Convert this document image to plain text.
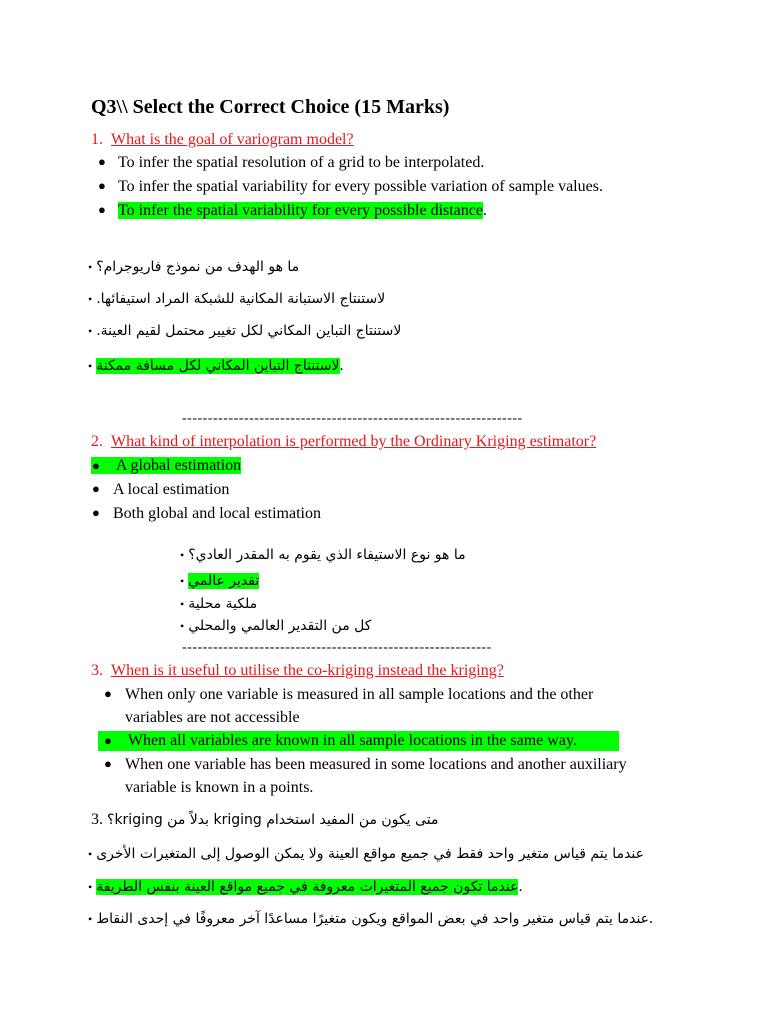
Q3\\ Select the Correct Choice (15 Marks)
1. What is the goal of variogram model?
● To infer the spatial resolution of a grid to be interpolated.
● To infer the spatial variability for every possible variation of sample values.
● To infer the spatial variability for every possible distance.
• ما هو الهدف من نموذج فاريوجرام؟
• لاستنتاج الاستبانة المكانية للشبكة المراد استيفائها.
• لاستنتاج التباين المكاني لكل تغيير محتمل لقيم العينة.
• لاستنتاج التباين المكاني لكل مسافة ممكنة.
------------------------------------------------------------------
2. What kind of interpolation is performed by the Ordinary Kriging estimator?
● A global estimation
● A local estimation
● Both global and local estimation
• ما هو نوع الاستيفاء الذي يقوم به المقدر العادي؟
• تقدير عالمي
• ملكية محلية
• كل من التقدير العالمي والمحلي
------------------------------------------------------------
3. When is it useful to utilise the co-kriging instead the kriging?
● When only one variable is measured in all sample locations and the other
variables are not accessible
● When all variables are known in all sample locations in the same way.
● When one variable has been measured in some locations and another auxiliary
variable is known in a points.
3. متى يكون من المفيد استخدام kriging بدلاً من kriging؟
• عندما يتم قياس متغير واحد فقط في جميع مواقع العينة ولا يمكن الوصول إلى المتغيرات الأخرى
• عندما تكون جميع المتغيرات معروفة في جميع مواقع العينة بنفس الطريقة.
• عندما يتم قياس متغير واحد في بعض المواقع ويكون متغيرًا مساعدًا آخر معروفًا في إحدى النقاط.
